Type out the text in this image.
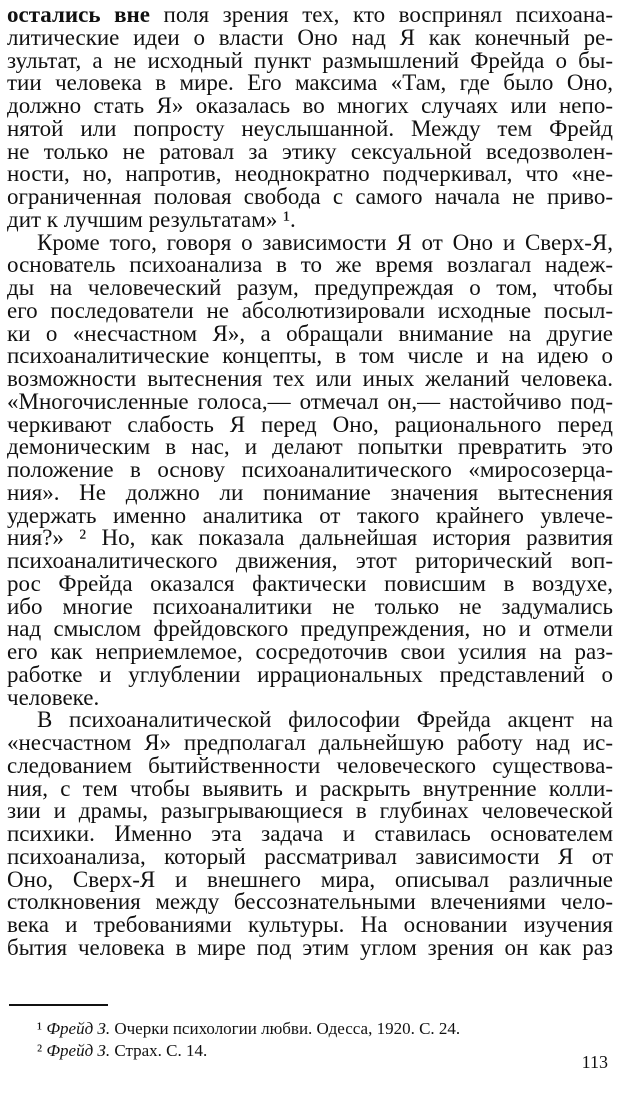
остались вне поля зрения тех, кто воспринял психоана-
литические идеи о власти Оно над Я как конечный ре-
зультат, а не исходный пункт размышлений Фрейда о бы-
тии человека в мире. Его максима «Там, где было Оно,
должно стать Я» оказалась во многих случаях или непо-
нятой или попросту неуслышанной. Между тем Фрейд
не только не ратовал за этику сексуальной вседозволен-
ности, но, напротив, неоднократно подчеркивал, что «не-
ограниченная половая свобода с самого начала не приво-
дит к лучшим результатам» ¹.
Кроме того, говоря о зависимости Я от Оно и Сверх-Я,
основатель психоанализа в то же время возлагал надеж-
ды на человеческий разум, предупреждая о том, чтобы
его последователи не абсолютизировали исходные посыл-
ки о «несчастном Я», а обращали внимание на другие
психоаналитические концепты, в том числе и на идею о
возможности вытеснения тех или иных желаний человека.
«Многочисленные голоса,— отмечал он,— настойчиво под-
черкивают слабость Я перед Оно, рационального перед
демоническим в нас, и делают попытки превратить это
положение в основу психоаналитического «миросозерца-
ния». Не должно ли понимание значения вытеснения
удержать именно аналитика от такого крайнего увлече-
ния?» ² Но, как показала дальнейшая история развития
психоаналитического движения, этот риторический воп-
рос Фрейда оказался фактически повисшим в воздухе,
ибо многие психоаналитики не только не задумались
над смыслом фрейдовского предупреждения, но и отмели
его как неприемлемое, сосредоточив свои усилия на раз-
работке и углублении иррациональных представлений о
человеке.
В психоаналитической философии Фрейда акцент на
«несчастном Я» предполагал дальнейшую работу над ис-
следованием бытийственности человеческого существова-
ния, с тем чтобы выявить и раскрыть внутренние колли-
зии и драмы, разыгрывающиеся в глубинах человеческой
психики. Именно эта задача и ставилась основателем
психоанализа, который рассматривал зависимости Я от
Оно, Сверх-Я и внешнего мира, описывал различные
столкновения между бессознательными влечениями чело-
века и требованиями культуры. На основании изучения
бытия человека в мире под этим углом зрения он как раз
¹ Фрейд З. Очерки психологии любви. Одесса, 1920. С. 24.
² Фрейд З. Страх. С. 14.
113
